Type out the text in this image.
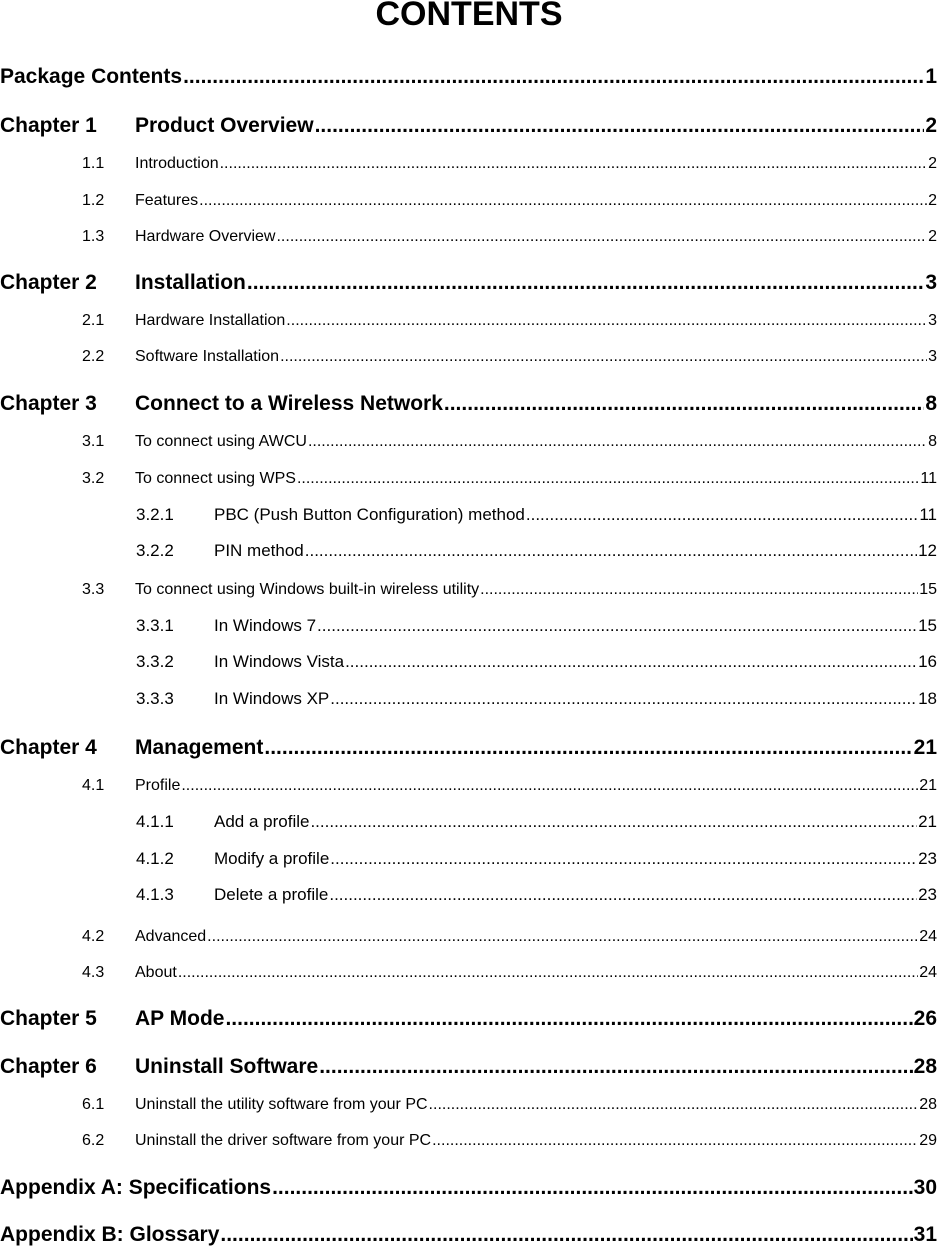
CONTENTS
Package Contents .....	1
Chapter 1	Product Overview .....	2
1.1	Introduction .....	2
1.2	Features .....	2
1.3	Hardware Overview .....	2
Chapter 2	Installation .....	3
2.1	Hardware Installation .....	3
2.2	Software Installation .....	3
Chapter 3	Connect to a Wireless Network .....	8
3.1	To connect using AWCU .....	8
3.2	To connect using WPS .....	11
3.2.1	PBC (Push Button Configuration) method .....	11
3.2.2	PIN method .....	12
3.3	To connect using Windows built-in wireless utility .....	15
3.3.1	In Windows 7 .....	15
3.3.2	In Windows Vista .....	16
3.3.3	In Windows XP .....	18
Chapter 4	Management .....	21
4.1	Profile .....	21
4.1.1	Add a profile .....	21
4.1.2	Modify a profile .....	23
4.1.3	Delete a profile .....	23
4.2	Advanced .....	24
4.3	About .....	24
Chapter 5	AP Mode .....	26
Chapter 6	Uninstall Software .....	28
6.1	Uninstall the utility software from your PC .....	28
6.2	Uninstall the driver software from your PC .....	29
Appendix A: Specifications .....	30
Appendix B: Glossary .....	31
